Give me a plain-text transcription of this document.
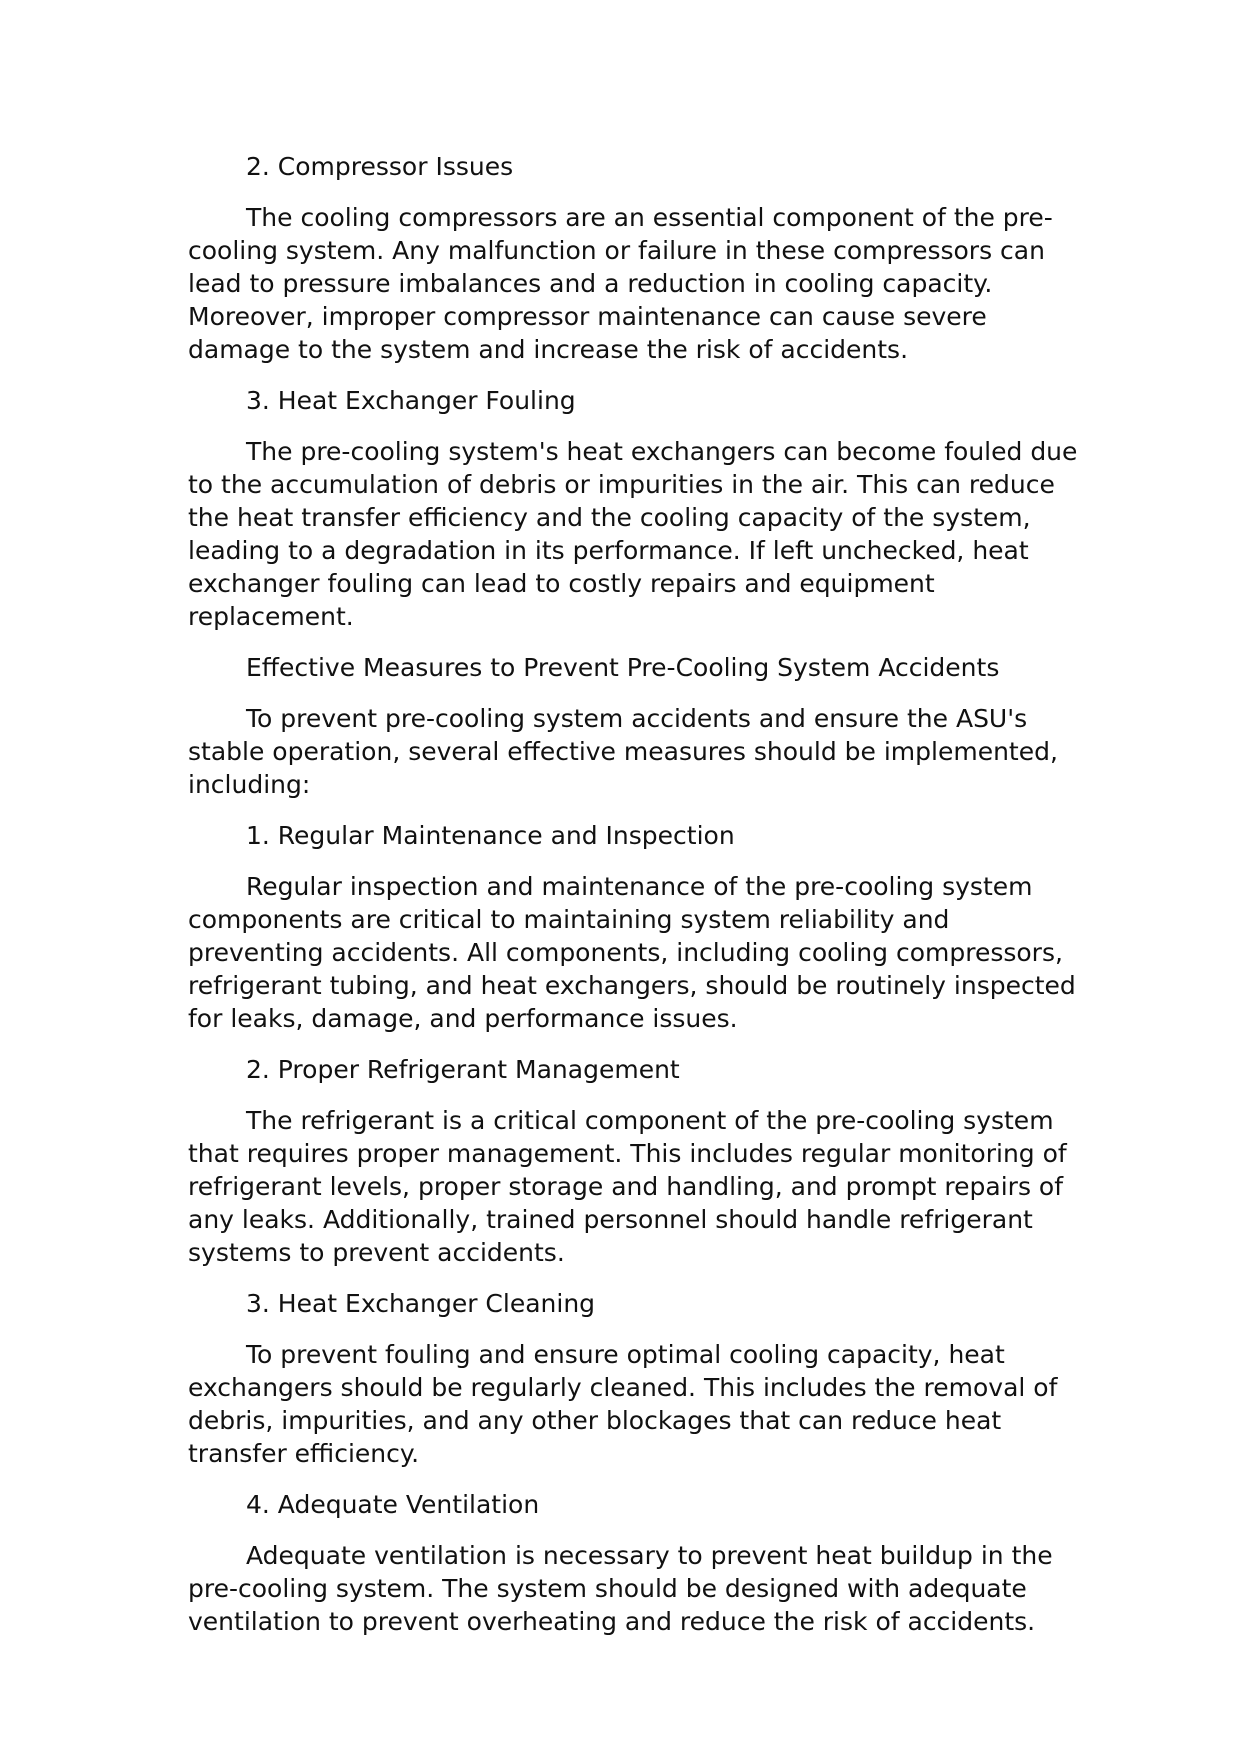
2. Compressor Issues

The cooling compressors are an essential component of the pre-cooling system. Any malfunction or failure in these compressors can lead to pressure imbalances and a reduction in cooling capacity. Moreover, improper compressor maintenance can cause severe damage to the system and increase the risk of accidents.

3. Heat Exchanger Fouling

The pre-cooling system's heat exchangers can become fouled due to the accumulation of debris or impurities in the air. This can reduce the heat transfer efficiency and the cooling capacity of the system, leading to a degradation in its performance. If left unchecked, heat exchanger fouling can lead to costly repairs and equipment replacement.

Effective Measures to Prevent Pre-Cooling System Accidents

To prevent pre-cooling system accidents and ensure the ASU's stable operation, several effective measures should be implemented, including:

1. Regular Maintenance and Inspection

Regular inspection and maintenance of the pre-cooling system components are critical to maintaining system reliability and preventing accidents. All components, including cooling compressors, refrigerant tubing, and heat exchangers, should be routinely inspected for leaks, damage, and performance issues.

2. Proper Refrigerant Management

The refrigerant is a critical component of the pre-cooling system that requires proper management. This includes regular monitoring of refrigerant levels, proper storage and handling, and prompt repairs of any leaks. Additionally, trained personnel should handle refrigerant systems to prevent accidents.

3. Heat Exchanger Cleaning

To prevent fouling and ensure optimal cooling capacity, heat exchangers should be regularly cleaned. This includes the removal of debris, impurities, and any other blockages that can reduce heat transfer efficiency.

4. Adequate Ventilation

Adequate ventilation is necessary to prevent heat buildup in the pre-cooling system. The system should be designed with adequate ventilation to prevent overheating and reduce the risk of accidents.
